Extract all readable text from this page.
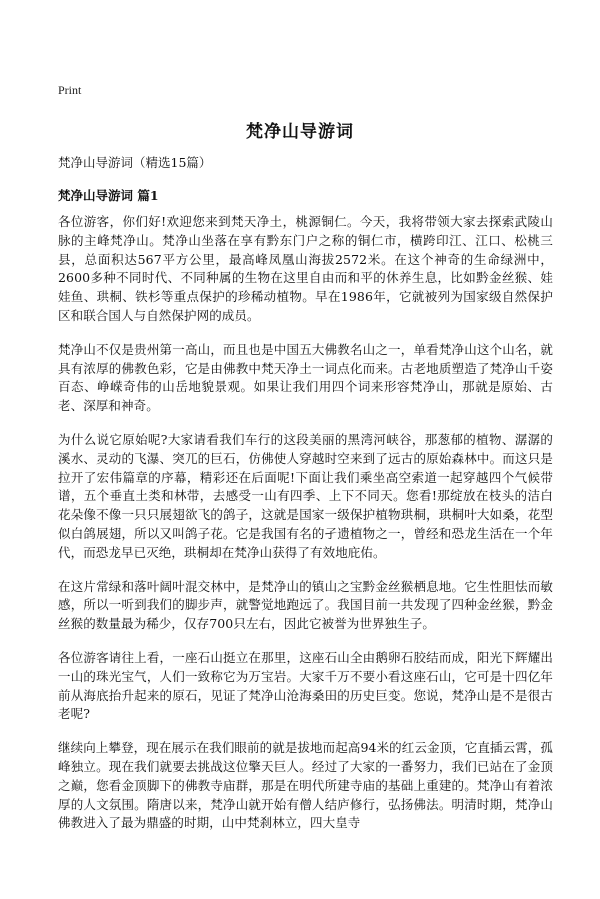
Print
梵净山导游词
梵净山导游词（精选15篇）
梵净山导游词 篇1

各位游客，你们好!欢迎您来到梵天净土，桃源铜仁。今天，我将带领大家去探索武陵山脉的主峰梵净山。梵净山坐落在享有黔东门户之称的铜仁市，横跨印江、江口、松桃三县，总面积达567平方公里，最高峰凤凰山海拔2572米。在这个神奇的生命绿洲中，2600多种不同时代、不同种属的生物在这里自由而和平的休养生息，比如黔金丝猴、娃娃鱼、珙桐、铁杉等重点保护的珍稀动植物。早在1986年，它就被列为国家级自然保护区和联合国人与自然保护网的成员。

梵净山不仅是贵州第一高山，而且也是中国五大佛教名山之一，单看梵净山这个山名，就具有浓厚的佛教色彩，它是由佛教中梵天净土一词点化而来。古老地质塑造了梵净山千姿百态、峥嵘奇伟的山岳地貌景观。如果让我们用四个词来形容梵净山，那就是原始、古老、深厚和神奇。

为什么说它原始呢?大家请看我们车行的这段美丽的黑湾河峡谷，那葱郁的植物、潺潺的溪水、灵动的飞瀑、突兀的巨石，仿佛使人穿越时空来到了远古的原始森林中。而这只是拉开了宏伟篇章的序幕，精彩还在后面呢!下面让我们乘坐高空索道一起穿越四个气候带谱，五个垂直土类和林带，去感受一山有四季、上下不同天。您看!那绽放在枝头的洁白花朵像不像一只只展翅欲飞的鸽子，这就是国家一级保护植物珙桐，珙桐叶大如桑，花型似白鸽展翅，所以又叫鸽子花。它是我国有名的孑遗植物之一，曾经和恐龙生活在一个年代，而恐龙早已灭绝，珙桐却在梵净山获得了有效地庇佑。

在这片常绿和落叶阔叶混交林中，是梵净山的镇山之宝黔金丝猴栖息地。它生性胆怯而敏感，所以一听到我们的脚步声，就警觉地跑远了。我国目前一共发现了四种金丝猴，黔金丝猴的数量最为稀少，仅存700只左右，因此它被誉为世界独生子。

各位游客请往上看，一座石山挺立在那里，这座石山全由鹅卵石胶结而成，阳光下辉耀出一山的珠光宝气，人们一致称它为万宝岩。大家千万不要小看这座石山，它可是十四亿年前从海底抬升起来的原石，见证了梵净山沧海桑田的历史巨变。您说，梵净山是不是很古老呢?

继续向上攀登，现在展示在我们眼前的就是拔地而起高94米的红云金顶，它直插云霄，孤峰独立。现在我们就要去挑战这位擎天巨人。经过了大家的一番努力，我们已站在了金顶之巅，您看金顶脚下的佛教寺庙群，那是在明代所建寺庙的基础上重建的。梵净山有着浓厚的人文氛围。隋唐以来，梵净山就开始有僧人结庐修行，弘扬佛法。明清时期，梵净山佛教进入了最为鼎盛的时期，山中梵刹林立，四大皇寺
